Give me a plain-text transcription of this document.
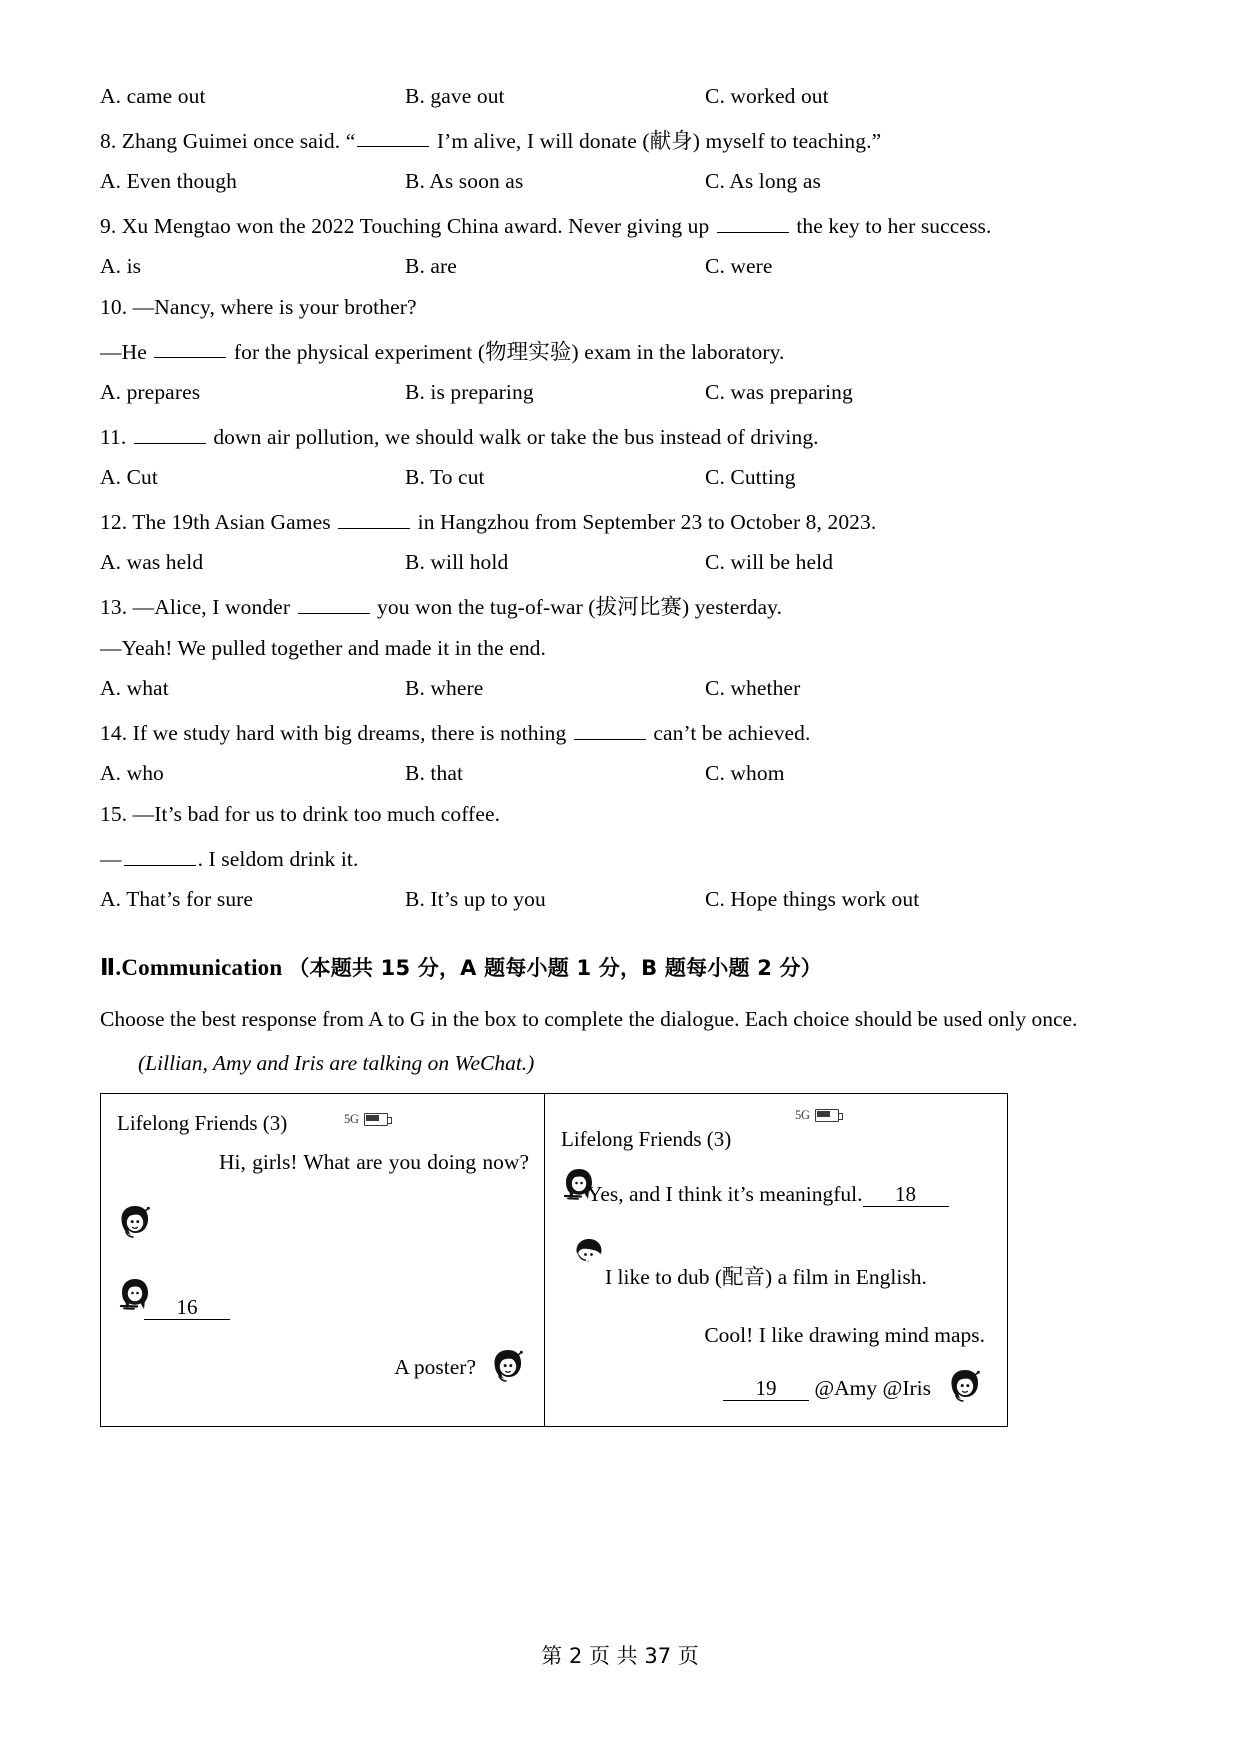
A. came out	B. gave out	C. worked out
8. Zhang Guimei once said. “	I’m alive, I will donate (献身) myself to teaching.”
A. Even though	B. As soon as	C. As long as
9. Xu Mengtao won the 2022 Touching China award. Never giving up	the key to her success.
A. is	B. are	C. were
10. —Nancy, where is your brother?
—He	for the physical experiment (物理实验) exam in the laboratory.
A. prepares	B. is preparing	C. was preparing
11.	down air pollution, we should walk or take the bus instead of driving.
A. Cut	B. To cut	C. Cutting
12. The 19th Asian Games	in Hangzhou from September 23 to October 8, 2023.
A. was held	B. will hold	C. will be held
13. —Alice, I wonder	you won the tug-of-war (拔河比赛) yesterday.
—Yeah! We pulled together and made it in the end.
A. what	B. where	C. whether
14. If we study hard with big dreams, there is nothing	can’t be achieved.
A. who	B. that	C. whom
15. —It’s bad for us to drink too much coffee.
—	. I seldom drink it.
A. That’s for sure	B. It’s up to you	C. Hope things work out
Ⅱ.Communication （本题共 15 分，A 题每小题 1 分，B 题每小题 2 分）
Choose the best response from A to G in the box to complete the dialogue. Each choice should be used only once.
(Lillian, Amy and Iris are talking on WeChat.)
Lifelong Friends (3)	5G
Hi, girls! What are you doing now?
16
A poster?
Lifelong Friends (3)
5G
Yes, and I think it’s meaningful. 18
I like to dub (配音) a film in English.
Cool! I like drawing mind maps.
19 @Amy @Iris
第 2 页 共 37 页
